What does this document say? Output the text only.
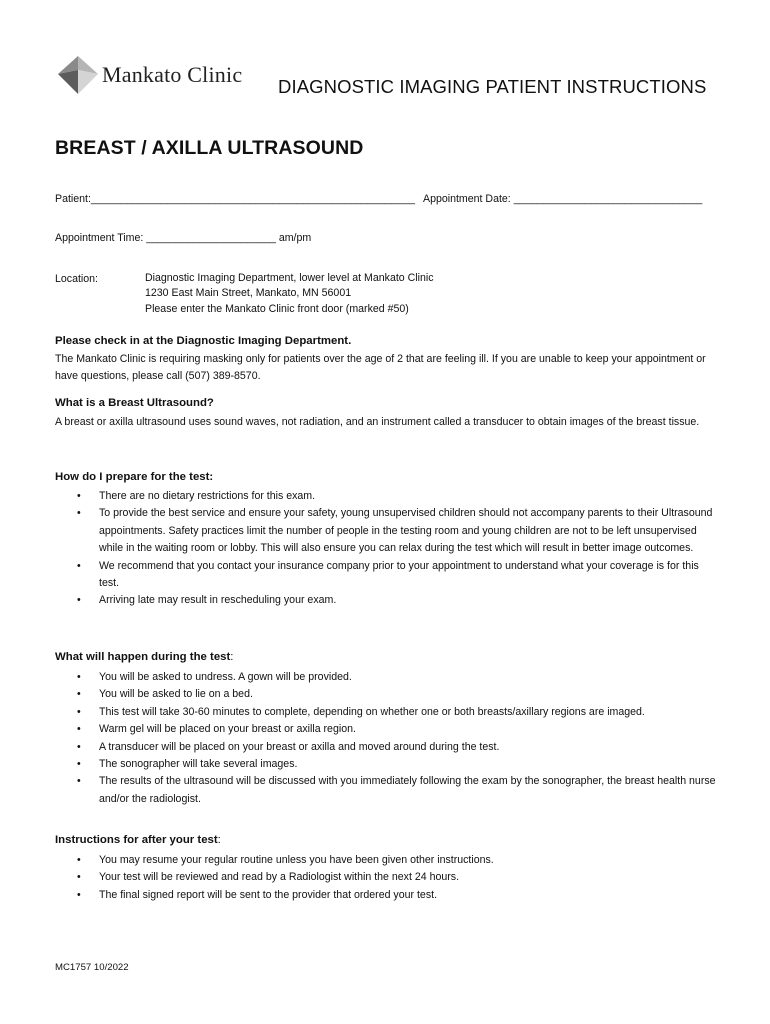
Mankato Clinic DIAGNOSTIC IMAGING PATIENT INSTRUCTIONS
BREAST / AXILLA ULTRASOUND
Patient:_______________________________________________________ Appointment Date: ________________________________
Appointment Time: ______________________ am/pm
Location:	Diagnostic Imaging Department, lower level at Mankato Clinic
1230 East Main Street, Mankato, MN 56001
Please enter the Mankato Clinic front door (marked #50)
Please check in at the Diagnostic Imaging Department.
The Mankato Clinic is requiring masking only for patients over the age of 2 that are feeling ill. If you are unable to keep your appointment or have questions, please call (507) 389-8570.
What is a Breast Ultrasound?
A breast or axilla ultrasound uses sound waves, not radiation, and an instrument called a transducer to obtain images of the breast tissue.
How do I prepare for the test:
• There are no dietary restrictions for this exam.
• To provide the best service and ensure your safety, young unsupervised children should not accompany parents to their Ultrasound appointments. Safety practices limit the number of people in the testing room and young children are not to be left unsupervised while in the waiting room or lobby. This will also ensure you can relax during the test which will result in better image outcomes.
• We recommend that you contact your insurance company prior to your appointment to understand what your coverage is for this test.
• Arriving late may result in rescheduling your exam.
What will happen during the test:
• You will be asked to undress. A gown will be provided.
• You will be asked to lie on a bed.
• This test will take 30-60 minutes to complete, depending on whether one or both breasts/axillary regions are imaged.
• Warm gel will be placed on your breast or axilla region.
• A transducer will be placed on your breast or axilla and moved around during the test.
• The sonographer will take several images.
• The results of the ultrasound will be discussed with you immediately following the exam by the sonographer, the breast health nurse and/or the radiologist.
Instructions for after your test:
• You may resume your regular routine unless you have been given other instructions.
• Your test will be reviewed and read by a Radiologist within the next 24 hours.
• The final signed report will be sent to the provider that ordered your test.
MC1757 10/2022
